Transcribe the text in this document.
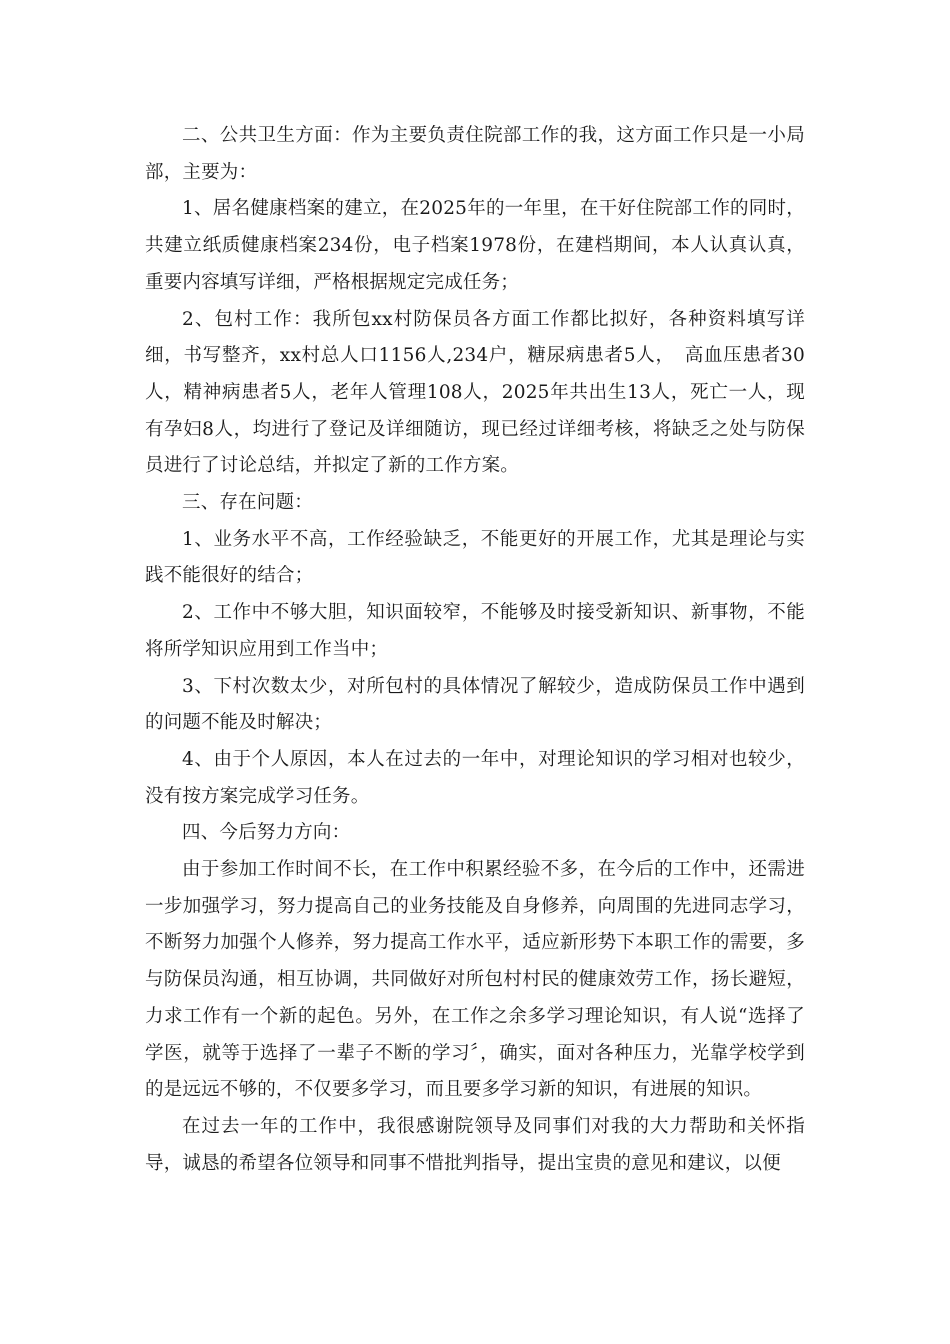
二、公共卫生方面：作为主要负责住院部工作的我，这方面工作只是一小局部，主要为：

1、居名健康档案的建立，在2025年的一年里，在干好住院部工作的同时，共建立纸质健康档案234份，电子档案1978份，在建档期间，本人认真认真，重要内容填写详细，严格根据规定完成任务；

2、包村工作：我所包xx村防保员各方面工作都比拟好，各种资料填写详细，书写整齐，xx村总人口1156人,234户，糖尿病患者5人，　高血压患者30人，精神病患者5人，老年人管理108人，2025年共出生13人，死亡一人，现有孕妇8人，均进行了登记及详细随访，现已经过详细考核，将缺乏之处与防保员进行了讨论总结，并拟定了新的工作方案。

三、存在问题：

1、业务水平不高，工作经验缺乏，不能更好的开展工作，尤其是理论与实践不能很好的结合；

2、工作中不够大胆，知识面较窄，不能够及时接受新知识、新事物，不能将所学知识应用到工作当中；

3、下村次数太少，对所包村的具体情况了解较少，造成防保员工作中遇到的问题不能及时解决；

4、由于个人原因，本人在过去的一年中，对理论知识的学习相对也较少，没有按方案完成学习任务。

四、今后努力方向：

由于参加工作时间不长，在工作中积累经验不多，在今后的工作中，还需进一步加强学习，努力提高自己的业务技能及自身修养，向周围的先进同志学习，不断努力加强个人修养，努力提高工作水平，适应新形势下本职工作的需要，多与防保员沟通，相互协调，共同做好对所包村村民的健康效劳工作，扬长避短，力求工作有一个新的起色。另外，在工作之余多学习理论知识，有人说“选择了学医，就等于选择了一辈子不断的学习〞，确实，面对各种压力，光靠学校学到的是远远不够的，不仅要多学习，而且要多学习新的知识，有进展的知识。

在过去一年的工作中，我很感谢院领导及同事们对我的大力帮助和关怀指导，诚恳的希望各位领导和同事不惜批判指导，提出宝贵的意见和建议，以便
